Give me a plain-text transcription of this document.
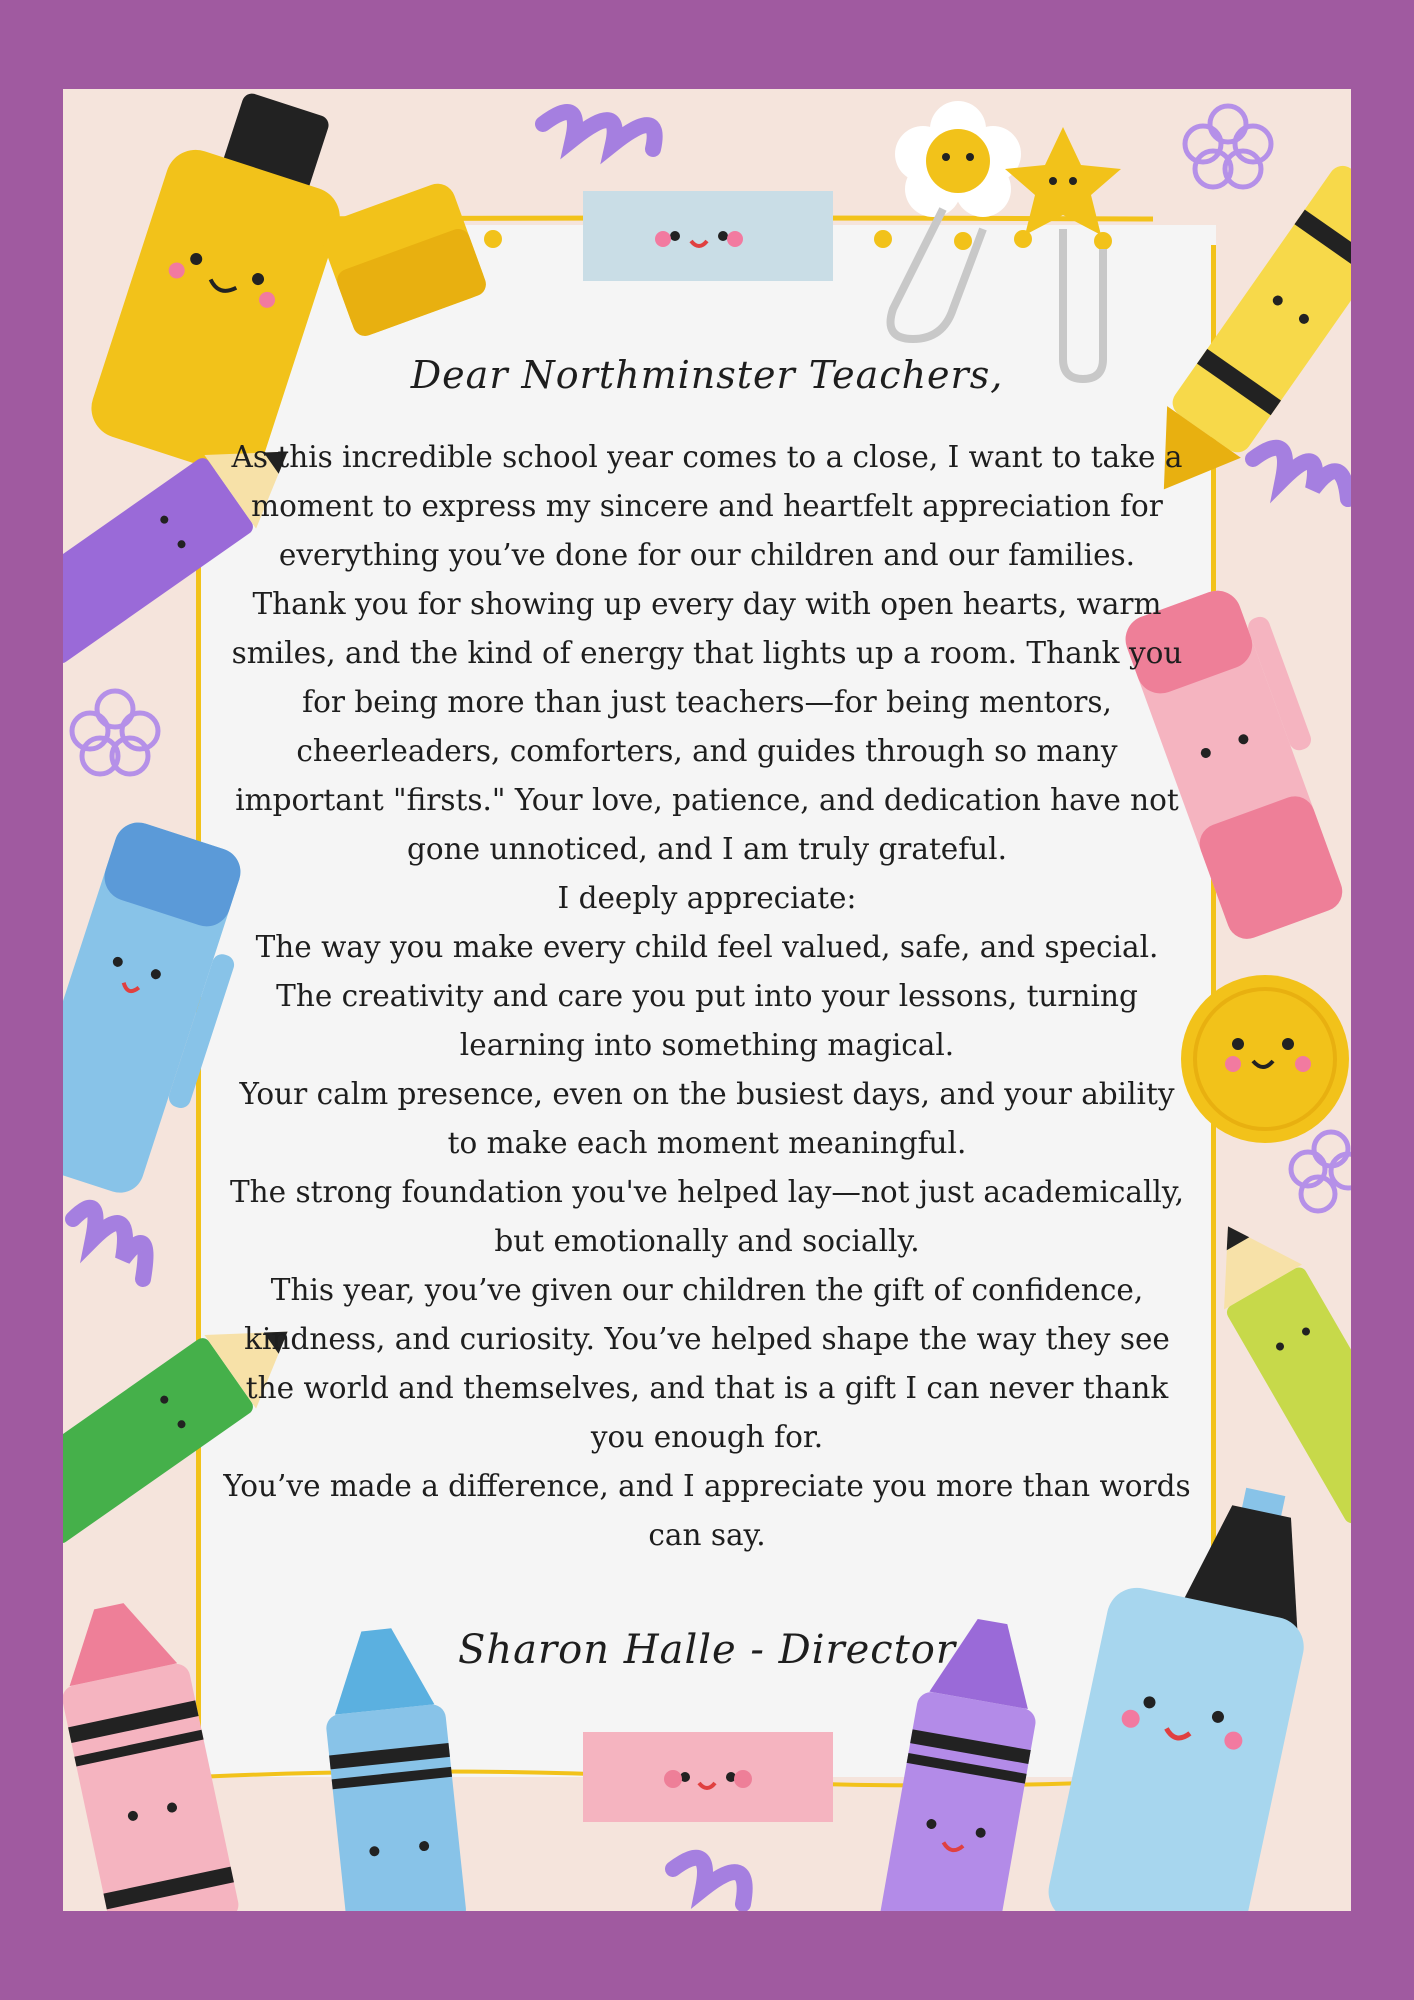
Dear Northminster Teachers,

As this incredible school year comes to a close, I want to take a moment to express my sincere and heartfelt appreciation for everything you’ve done for our children and our families.

Thank you for showing up every day with open hearts, warm smiles, and the kind of energy that lights up a room. Thank you for being more than just teachers—for being mentors, cheerleaders, comforters, and guides through so many important "firsts." Your love, patience, and dedication have not gone unnoticed, and I am truly grateful.

I deeply appreciate:

The way you make every child feel valued, safe, and special.

The creativity and care you put into your lessons, turning learning into something magical.

Your calm presence, even on the busiest days, and your ability to make each moment meaningful.

The strong foundation you've helped lay—not just academically, but emotionally and socially.

This year, you’ve given our children the gift of confidence, kindness, and curiosity. You’ve helped shape the way they see the world and themselves, and that is a gift I can never thank you enough for.

You’ve made a difference, and I appreciate you more than words can say.

Sharon Halle - Director
